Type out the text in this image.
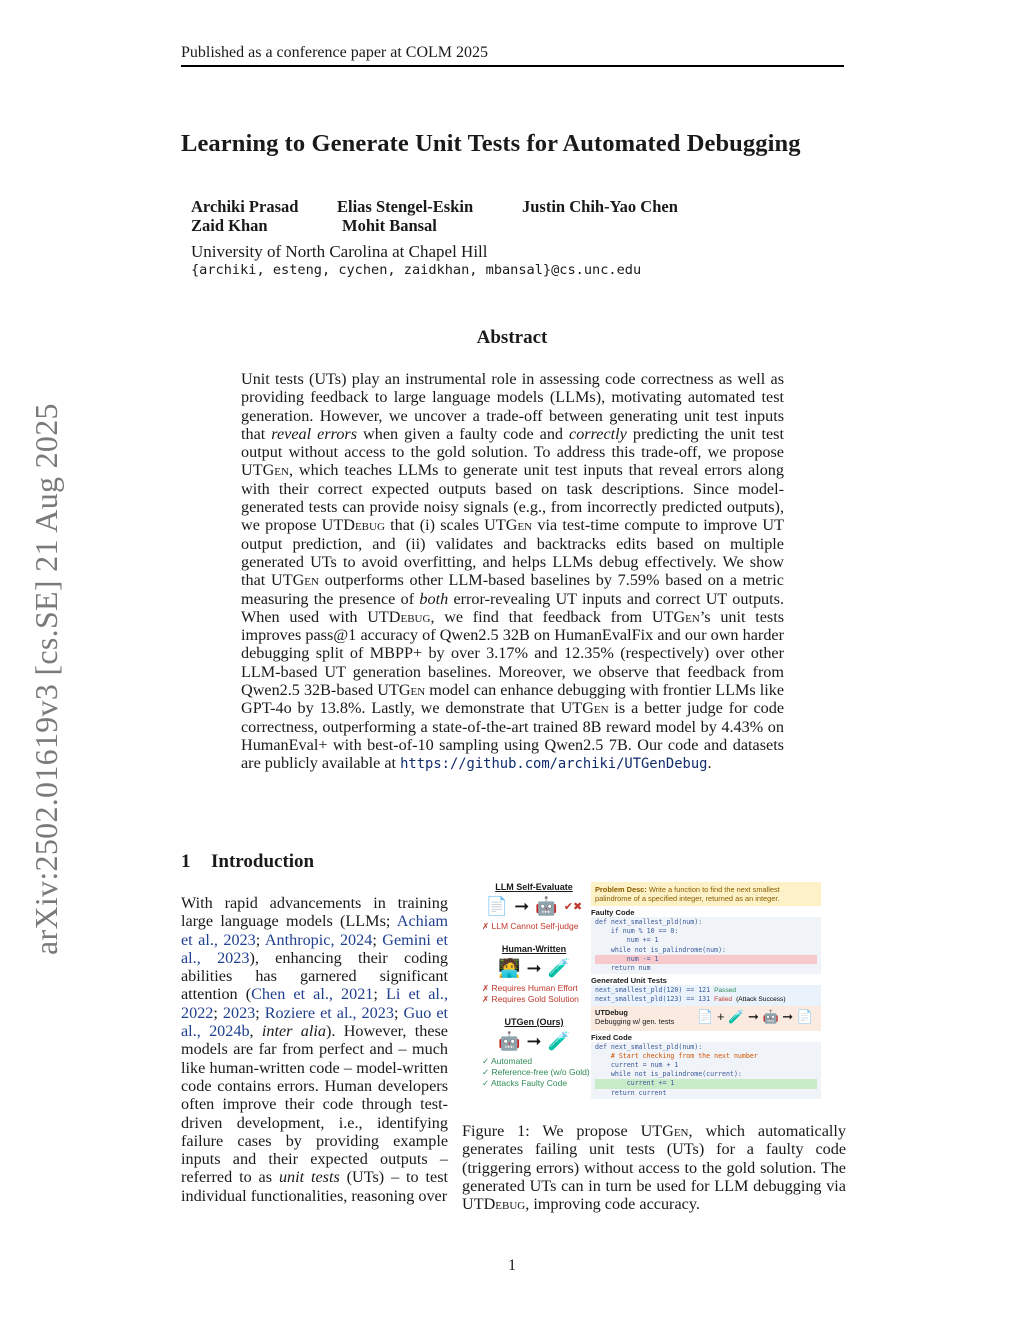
Published as a conference paper at COLM 2025
Learning to Generate Unit Tests for Automated Debugging
Archiki Prasad Elias Stengel-Eskin	Justin Chih-Yao Chen
Zaid Khan	Mohit Bansal
University of North Carolina at Chapel Hill
{archiki, esteng, cychen, zaidkhan, mbansal}@cs.unc.edu
arXiv:2502.01619v3 [cs.SE] 21 Aug 2025
Abstract
Unit tests (UTs) play an instrumental role in assessing code correctness as well as providing feedback to large language models (LLMs), motivating automated test generation. However, we uncover a trade-off between generating unit test inputs that reveal errors when given a faulty code and correctly predicting the unit test output without access to the gold solution. To address this trade-off, we propose UTGen, which teaches LLMs to generate unit test inputs that reveal errors along with their correct expected outputs based on task descriptions. Since model-generated tests can provide noisy signals (e.g., from incorrectly predicted outputs), we propose UTDebug that (i) scales UTGen via test-time compute to improve UT output prediction, and (ii) validates and backtracks edits based on multiple generated UTs to avoid overfitting, and helps LLMs debug effectively. We show that UTGen outperforms other LLM-based baselines by 7.59% based on a metric measuring the presence of both error-revealing UT inputs and correct UT outputs. When used with UTDebug, we find that feedback from UTGen’s unit tests improves pass@1 accuracy of Qwen2.5 32B on HumanEvalFix and our own harder debugging split of MBPP+ by over 3.17% and 12.35% (respectively) over other LLM-based UT generation baselines. Moreover, we observe that feedback from Qwen2.5 32B-based UTGen model can enhance debugging with frontier LLMs like GPT-4o by 13.8%. Lastly, we demonstrate that UTGen is a better judge for code correctness, outperforming a state-of-the-art trained 8B reward model by 4.43% on HumanEval+ with best-of-10 sampling using Qwen2.5 7B. Our code and datasets are publicly available at https://github.com/archiki/UTGenDebug.
1 Introduction
With rapid advancements in training large language models (LLMs; Achiam et al., 2023; Anthropic, 2024; Gemini et al., 2023), enhancing their coding abilities has garnered significant attention (Chen et al., 2021; Li et al., 2022; 2023; Roziere et al., 2023; Guo et al., 2024b, inter alia). However, these models are far from perfect and – much like human-written code – model-written code contains errors. Human developers often improve their code through test-driven development, i.e., identifying failure cases by providing example inputs and their expected outputs – referred to as unit tests (UTs) – to test individual functionalities, reasoning over
LLM Self-Evaluate
📄 ➞ 🤖 ✔✖
✗ LLM Cannot Self-judge
Human-Written
🧑‍💻 ➞ 🧪
✗ Requires Human Effort
✗ Requires Gold Solution
UTGen (Ours)
🤖 ➞ 🧪
✓ Automated
✓ Reference-free (w/o Gold)
✓ Attacks Faulty Code
Problem Desc: Write a function to find the next smallest palindrome of a specified integer, returned as an integer.
Faulty Code
def next_smallest_pld(num):
if num % 10 == 0:
num += 1
while not is_palindrome(num):
num -= 1
return num
Generated Unit Tests
next_smallest_pld(120) == 121 Passed
next_smallest_pld(123) == 131 Failed (Attack Success)
UTDebug
Debugging w/ gen. tests	📄 + 🧪 ➞ 🤖 ➞ 📄
Fixed Code
def next_smallest_pld(num):
# Start checking from the next number
current = num + 1
while not is_palindrome(current):
current += 1
return current
Figure 1: We propose UTGen, which automatically generates failing unit tests (UTs) for a faulty code (triggering errors) without access to the gold solution. The generated UTs can in turn be used for LLM debugging via UTDebug, improving code accuracy.
1
